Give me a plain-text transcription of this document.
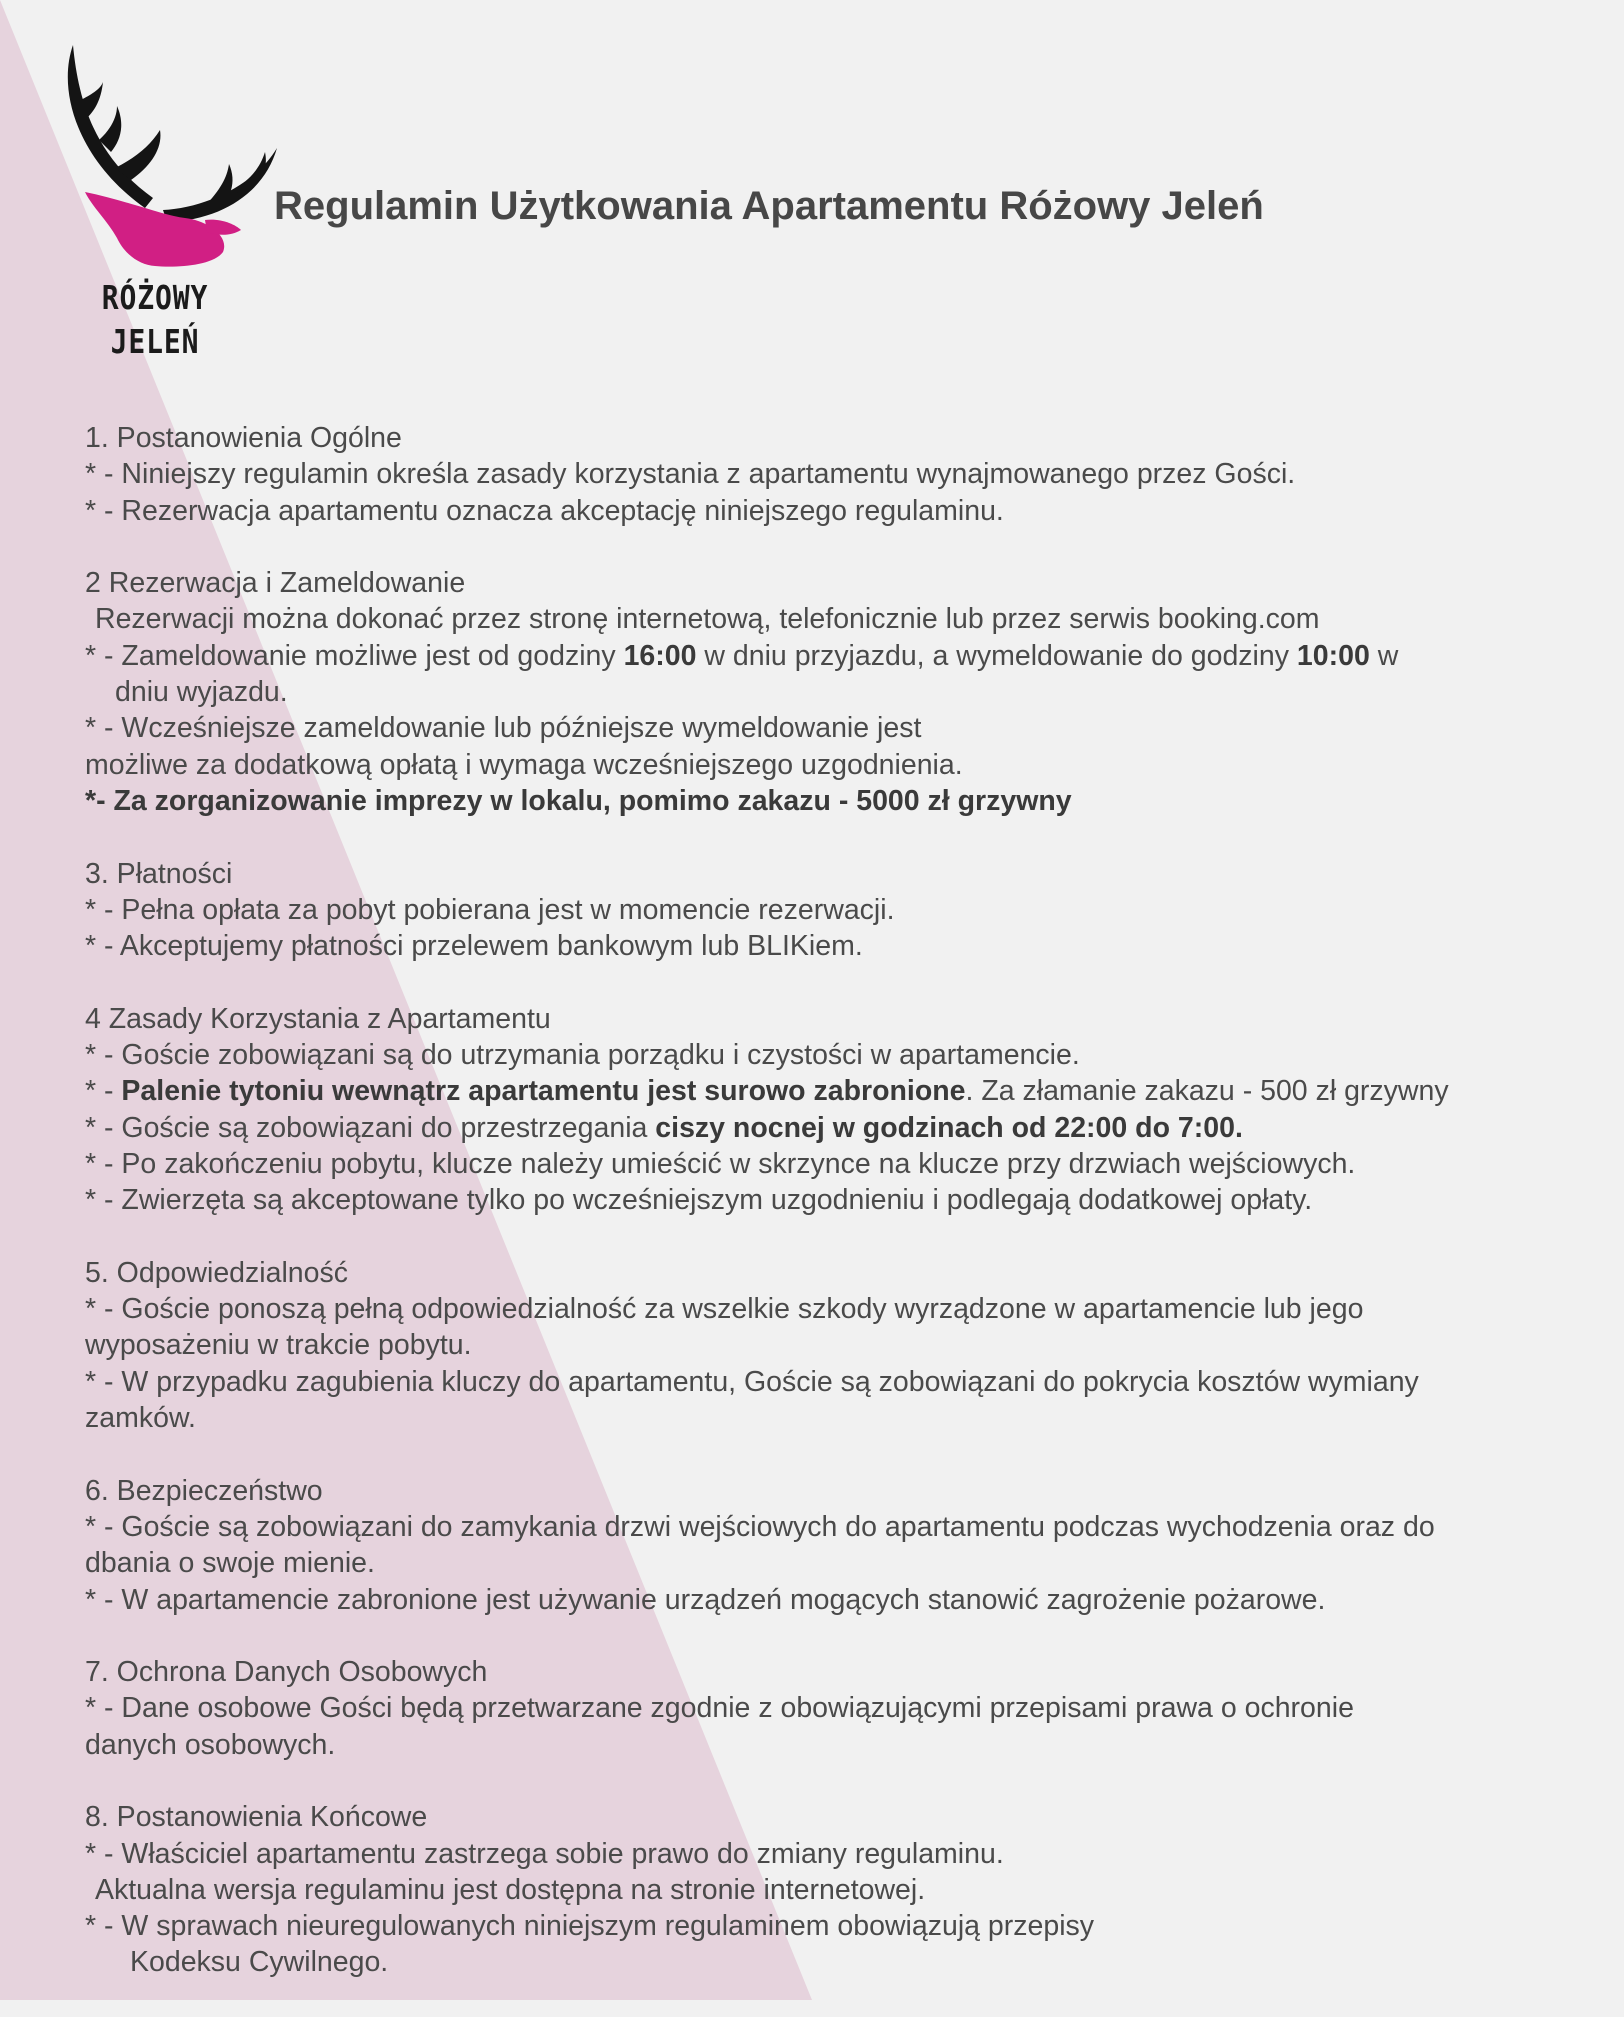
RÓŻOWY
JELEŃ
Regulamin Użytkowania Apartamentu Różowy Jeleń
1. Postanowienia Ogólne
* - Niniejszy regulamin określa zasady korzystania z apartamentu wynajmowanego przez Gości.
* - Rezerwacja apartamentu oznacza akceptację niniejszego regulaminu.
2 Rezerwacja i Zameldowanie
Rezerwacji można dokonać przez stronę internetową, telefonicznie lub przez serwis booking.com
* - Zameldowanie możliwe jest od godziny 16:00 w dniu przyjazdu, a wymeldowanie do godziny 10:00 w
dniu wyjazdu.
* - Wcześniejsze zameldowanie lub późniejsze wymeldowanie jest
możliwe za dodatkową opłatą i wymaga wcześniejszego uzgodnienia.
*- Za zorganizowanie imprezy w lokalu, pomimo zakazu - 5000 zł grzywny
3. Płatności
* - Pełna opłata za pobyt pobierana jest w momencie rezerwacji.
* - Akceptujemy płatności przelewem bankowym lub BLIKiem.
4 Zasady Korzystania z Apartamentu
* - Goście zobowiązani są do utrzymania porządku i czystości w apartamencie.
* - Palenie tytoniu wewnątrz apartamentu jest surowo zabronione. Za złamanie zakazu - 500 zł grzywny
* - Goście są zobowiązani do przestrzegania ciszy nocnej w godzinach od 22:00 do 7:00.
* - Po zakończeniu pobytu, klucze należy umieścić w skrzynce na klucze przy drzwiach wejściowych.
* - Zwierzęta są akceptowane tylko po wcześniejszym uzgodnieniu i podlegają dodatkowej opłaty.
5. Odpowiedzialność
* - Goście ponoszą pełną odpowiedzialność za wszelkie szkody wyrządzone w apartamencie lub jego
wyposażeniu w trakcie pobytu.
* - W przypadku zagubienia kluczy do apartamentu, Goście są zobowiązani do pokrycia kosztów wymiany
zamków.
6. Bezpieczeństwo
* - Goście są zobowiązani do zamykania drzwi wejściowych do apartamentu podczas wychodzenia oraz do
dbania o swoje mienie.
* - W apartamencie zabronione jest używanie urządzeń mogących stanowić zagrożenie pożarowe.
7. Ochrona Danych Osobowych
* - Dane osobowe Gości będą przetwarzane zgodnie z obowiązującymi przepisami prawa o ochronie
danych osobowych.
8. Postanowienia Końcowe
* - Właściciel apartamentu zastrzega sobie prawo do zmiany regulaminu.
Aktualna wersja regulaminu jest dostępna na stronie internetowej.
* - W sprawach nieuregulowanych niniejszym regulaminem obowiązują przepisy
Kodeksu Cywilnego.
